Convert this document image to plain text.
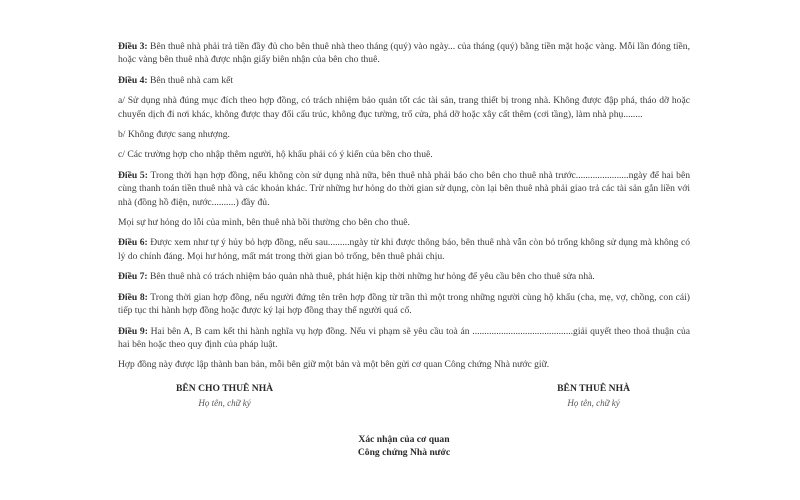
Điều 3: Bên thuê nhà phải trả tiền đầy đủ cho bên thuê nhà theo tháng (quý) vào ngày... của tháng (quý) bằng tiền mặt hoặc vàng. Mỗi lần đóng tiền, hoặc vàng bên thuê nhà được nhận giấy biên nhận của bên cho thuê.

Điều 4: Bên thuê nhà cam kết

a/ Sử dụng nhà đúng mục đích theo hợp đồng, có trách nhiệm bảo quản tốt các tài sản, trang thiết bị trong nhà. Không được đập phá, tháo dỡ hoặc chuyển dịch đi nơi khác, không được thay đổi cấu trúc, không đục tường, trổ cửa, phá dỡ hoặc xây cất thêm (cơi tầng), làm nhà phụ........

b/ Không được sang nhượng.

c/ Các trường hợp cho nhập thêm người, hộ khẩu phải có ý kiến của bên cho thuê.

Điều 5: Trong thời hạn hợp đồng, nếu không còn sử dụng nhà nữa, bên thuê nhà phải báo cho bên cho thuê nhà trước......................ngày để hai bên cùng thanh toán tiền thuê nhà và các khoản khác. Trừ những hư hỏng do thời gian sử dụng, còn lại bên thuê nhà phải giao trả các tài sản gắn liền với nhà (đồng hồ điện, nước..........) đầy đủ.

Mọi sự hư hỏng do lỗi của mình, bên thuê nhà bồi thường cho bên cho thuê.

Điều 6: Được xem như tự ý hủy bỏ hợp đồng, nếu sau.........ngày từ khi được thông báo, bên thuê nhà vẫn còn bỏ trống không sử dụng mà không có lý do chính đáng. Mọi hư hỏng, mất mát trong thời gian bỏ trống, bên thuê phải chịu.

Điều 7: Bên thuê nhà có trách nhiệm bảo quản nhà thuê, phát hiện kịp thời những hư hỏng để yêu cầu bên cho thuê sửa nhà.

Điều 8: Trong thời gian hợp đồng, nếu người đứng tên trên hợp đồng từ trần thì một trong những người cùng hộ khẩu (cha, mẹ, vợ, chồng, con cái) tiếp tục thi hành hợp đồng hoặc được ký lại hợp đồng thay thế người quá cố.

Điều 9: Hai bên A, B cam kết thi hành nghĩa vụ hợp đồng. Nếu vi phạm sẽ yêu cầu toà án ..........................................giải quyết theo thoả thuận của hai bên hoặc theo quy định của pháp luật.

Hợp đồng này được lập thành ban bản, mỗi bên giữ một bản và một bên gửi cơ quan Công chứng Nhà nước giữ.

BÊN CHO THUÊ NHÀ
Họ tên, chữ ký
BÊN THUÊ NHÀ
Họ tên, chữ ký
Xác nhận của cơ quan
Công chứng Nhà nước
